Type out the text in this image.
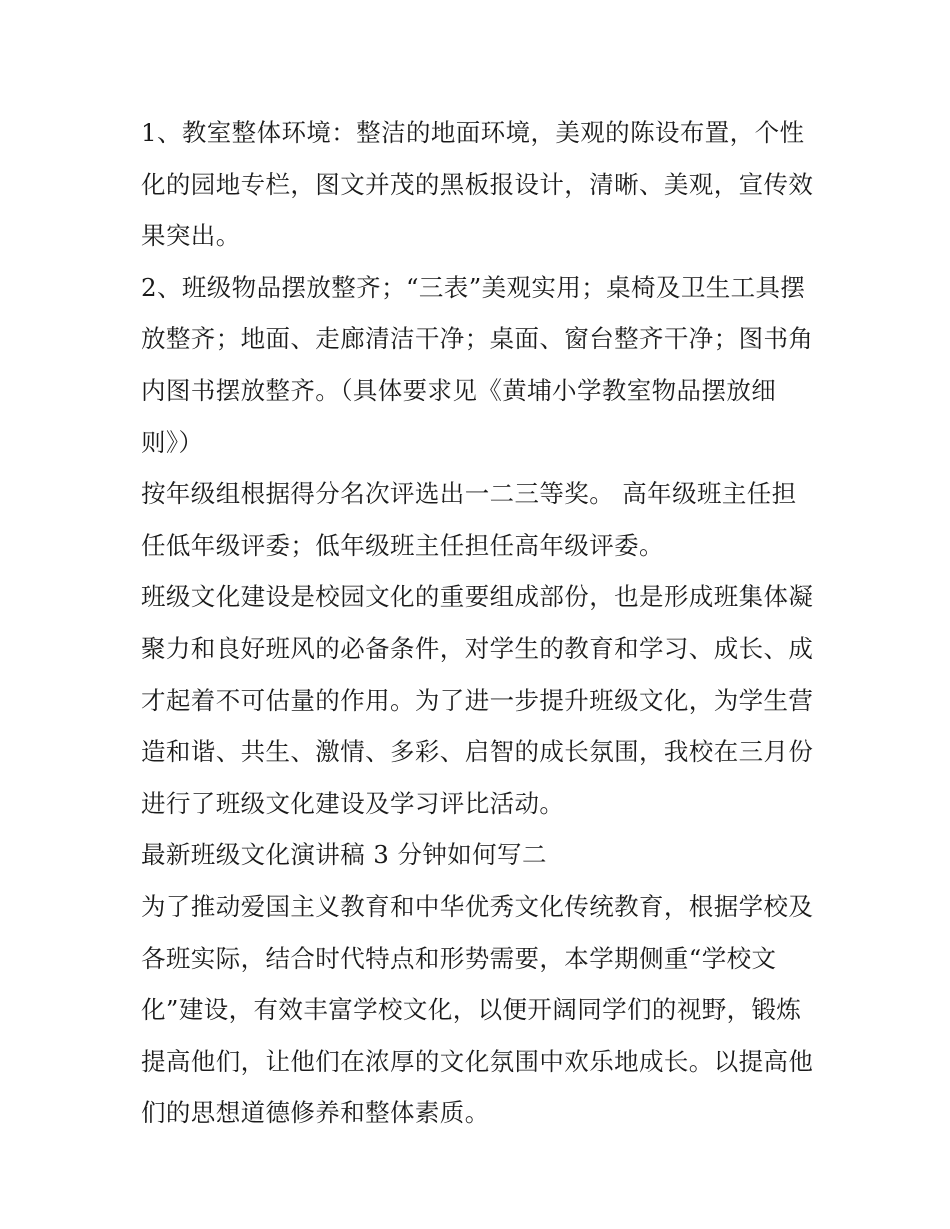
1、教室整体环境：整洁的地面环境，美观的陈设布置，个性
化的园地专栏，图文并茂的黑板报设计，清晰、美观，宣传效
果突出。
2、班级物品摆放整齐；“三表”美观实用；桌椅及卫生工具摆
放整齐；地面、走廊清洁干净；桌面、窗台整齐干净；图书角
内图书摆放整齐。（具体要求见《黄埔小学教室物品摆放细
则》）
按年级组根据得分名次评选出一二三等奖。 高年级班主任担
任低年级评委；低年级班主任担任高年级评委。
班级文化建设是校园文化的重要组成部份，也是形成班集体凝
聚力和良好班风的必备条件，对学生的教育和学习、成长、成
才起着不可估量的作用。为了进一步提升班级文化，为学生营
造和谐、共生、激情、多彩、启智的成长氛围，我校在三月份
进行了班级文化建设及学习评比活动。
最新班级文化演讲稿 3 分钟如何写二
为了推动爱国主义教育和中华优秀文化传统教育，根据学校及
各班实际，结合时代特点和形势需要，本学期侧重“学校文
化”建设，有效丰富学校文化，以便开阔同学们的视野，锻炼
提高他们，让他们在浓厚的文化氛围中欢乐地成长。以提高他
们的思想道德修养和整体素质。
